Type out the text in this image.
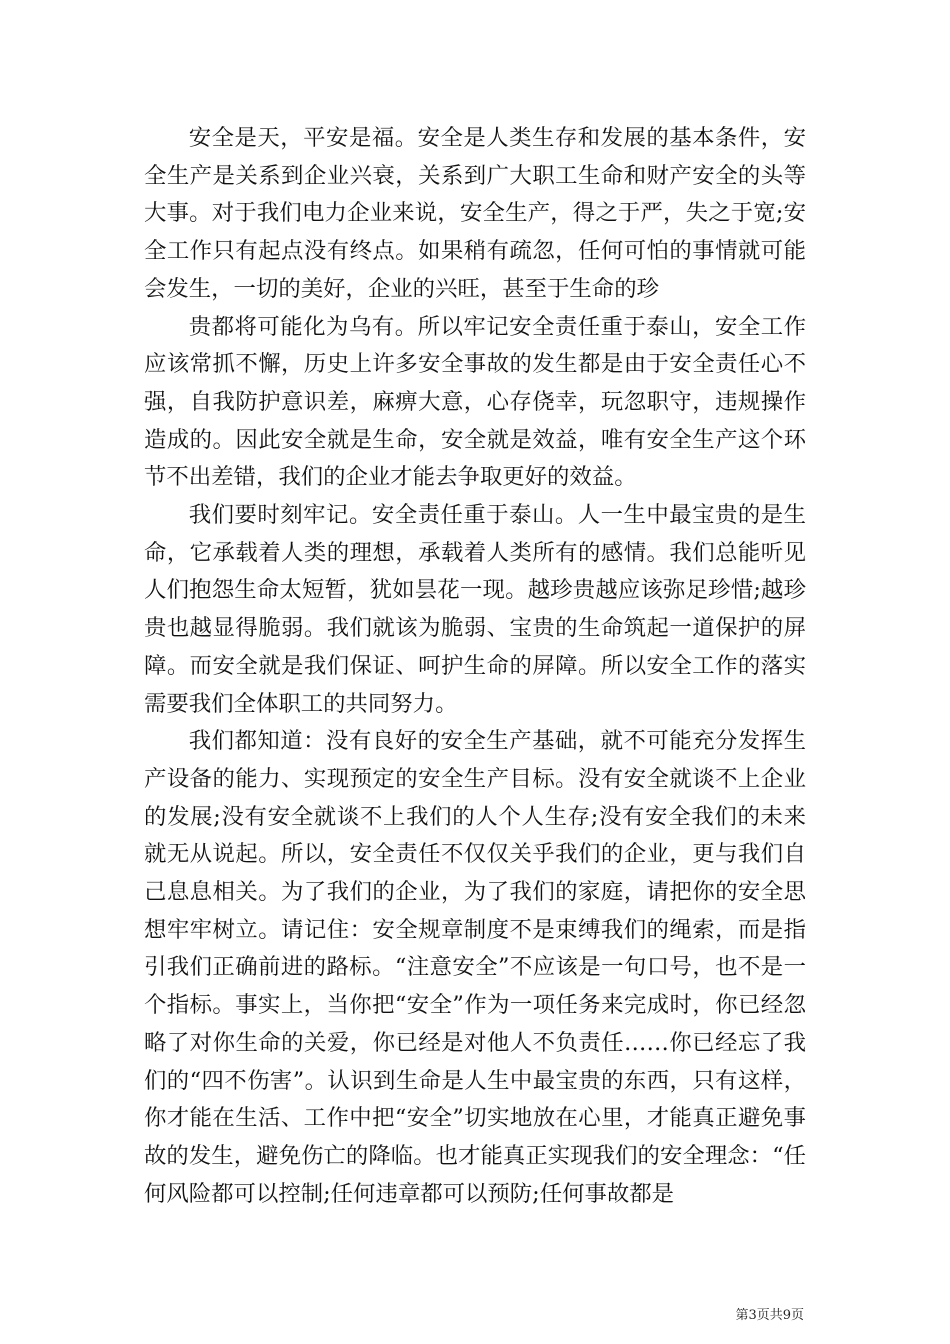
安全是天，平安是福。安全是人类生存和发展的基本条件，安全生产是关系到企业兴衰，关系到广大职工生命和财产安全的头等大事。对于我们电力企业来说，安全生产，得之于严，失之于宽;安全工作只有起点没有终点。如果稍有疏忽，任何可怕的事情就可能会发生，一切的美好，企业的兴旺，甚至于生命的珍

贵都将可能化为乌有。所以牢记安全责任重于泰山，安全工作应该常抓不懈，历史上许多安全事故的发生都是由于安全责任心不强，自我防护意识差，麻痹大意，心存侥幸，玩忽职守，违规操作造成的。因此安全就是生命，安全就是效益，唯有安全生产这个环节不出差错，我们的企业才能去争取更好的效益。

我们要时刻牢记。安全责任重于泰山。人一生中最宝贵的是生命，它承载着人类的理想，承载着人类所有的感情。我们总能听见人们抱怨生命太短暂，犹如昙花一现。越珍贵越应该弥足珍惜;越珍贵也越显得脆弱。我们就该为脆弱、宝贵的生命筑起一道保护的屏障。而安全就是我们保证、呵护生命的屏障。所以安全工作的落实需要我们全体职工的共同努力。

我们都知道：没有良好的安全生产基础，就不可能充分发挥生产设备的能力、实现预定的安全生产目标。没有安全就谈不上企业的发展;没有安全就谈不上我们的人个人生存;没有安全我们的未来就无从说起。所以，安全责任不仅仅关乎我们的企业，更与我们自己息息相关。为了我们的企业，为了我们的家庭，请把你的安全思想牢牢树立。请记住：安全规章制度不是束缚我们的绳索，而是指引我们正确前进的路标。“注意安全”不应该是一句口号，也不是一个指标。事实上，当你把“安全”作为一项任务来完成时，你已经忽略了对你生命的关爱，你已经是对他人不负责任……你已经忘了我们的“四不伤害”。认识到生命是人生中最宝贵的东西，只有这样，你才能在生活、工作中把“安全”切实地放在心里，才能真正避免事故的发生，避免伤亡的降临。也才能真正实现我们的安全理念：“任何风险都可以控制;任何违章都可以预防;任何事故都是

第3页共9页
